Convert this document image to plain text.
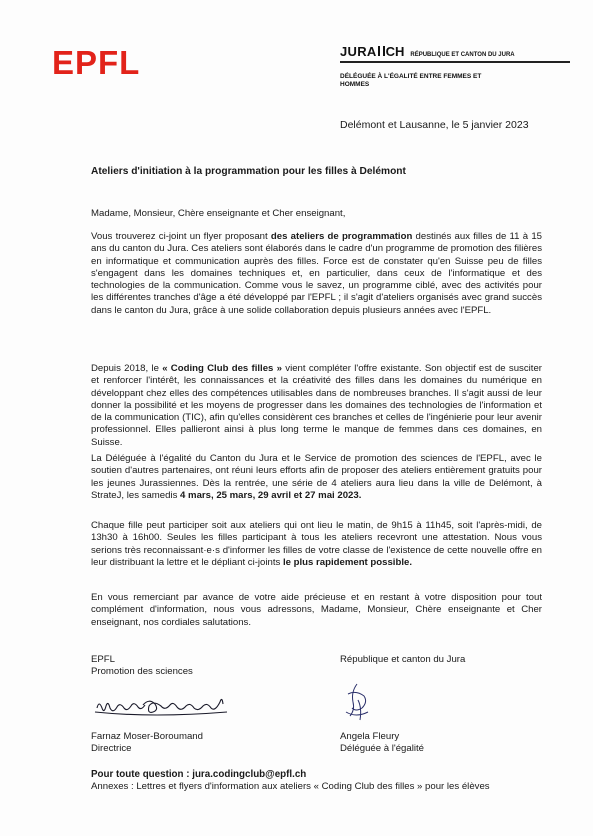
EPFL	JURA CH RÉPUBLIQUE ET CANTON DU JURA
DÉLÉGUÉE À L'ÉGALITÉ ENTRE FEMMES ET HOMMES
Delémont et Lausanne, le 5 janvier 2023
Ateliers d'initiation à la programmation pour les filles à Delémont
Madame, Monsieur, Chère enseignante et Cher enseignant,
Vous trouverez ci-joint un flyer proposant des ateliers de programmation destinés aux filles de 11 à 15 ans du canton du Jura. Ces ateliers sont élaborés dans le cadre d'un programme de promotion des filières en informatique et communication auprès des filles. Force est de constater qu'en Suisse peu de filles s'engagent dans les domaines techniques et, en particulier, dans ceux de l'informatique et des technologies de la communication. Comme vous le savez, un programme ciblé, avec des activités pour les différentes tranches d'âge a été développé par l'EPFL ; il s'agit d'ateliers organisés avec grand succès dans le canton du Jura, grâce à une solide collaboration depuis plusieurs années avec l'EPFL.
Depuis 2018, le « Coding Club des filles » vient compléter l'offre existante. Son objectif est de susciter et renforcer l'intérêt, les connaissances et la créativité des filles dans les domaines du numérique en développant chez elles des compétences utilisables dans de nombreuses branches. Il s'agit aussi de leur donner la possibilité et les moyens de progresser dans les domaines des technologies de l'information et de la communication (TIC), afin qu'elles considèrent ces branches et celles de l'ingénierie pour leur avenir professionnel. Elles pallieront ainsi à plus long terme le manque de femmes dans ces domaines, en Suisse.
La Déléguée à l'égalité du Canton du Jura et le Service de promotion des sciences de l'EPFL, avec le soutien d'autres partenaires, ont réuni leurs efforts afin de proposer des ateliers entièrement gratuits pour les jeunes Jurassiennes. Dès la rentrée, une série de 4 ateliers aura lieu dans la ville de Delémont, à StrateJ, les samedis 4 mars, 25 mars, 29 avril et 27 mai 2023.
Chaque fille peut participer soit aux ateliers qui ont lieu le matin, de 9h15 à 11h45, soit l'après-midi, de 13h30 à 16h00. Seules les filles participant à tous les ateliers recevront une attestation. Nous vous serions très reconnaissant·e·s d'informer les filles de votre classe de l'existence de cette nouvelle offre en leur distribuant la lettre et le dépliant ci-joints le plus rapidement possible.
En vous remerciant par avance de votre aide précieuse et en restant à votre disposition pour tout complément d'information, nous vous adressons, Madame, Monsieur, Chère enseignante et Cher enseignant, nos cordiales salutations.
EPFL
Promotion des sciences
République et canton du Jura
Farnaz Moser-Boroumand
Directrice
Angela Fleury
Déléguée à l'égalité
Pour toute question : jura.codingclub@epfl.ch
Annexes : Lettres et flyers d'information aux ateliers « Coding Club des filles » pour les élèves
